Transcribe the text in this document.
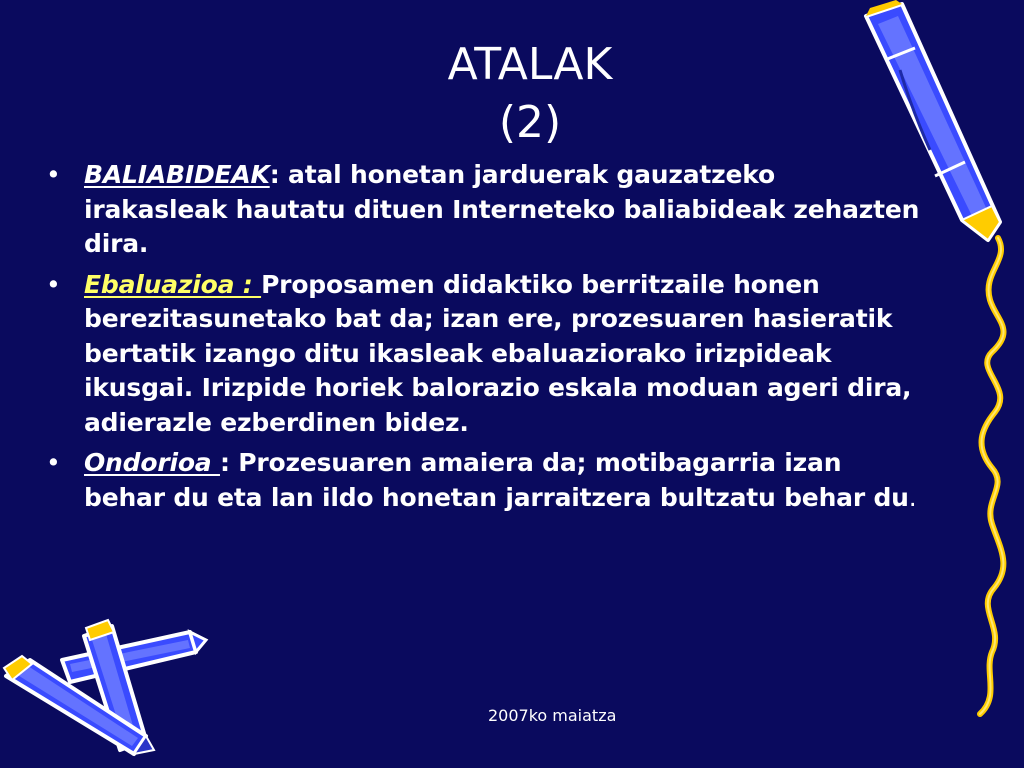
ATALAK
(2)
• BALIABIDEAK: atal honetan jarduerak gauzatzeko irakasleak hautatu dituen Interneteko baliabideak zehazten dira.
• Ebaluazioa : Proposamen didaktiko berritzaile honen berezitasunetako bat da; izan ere, prozesuaren hasieratik bertatik izango ditu ikasleak ebaluaziorako irizpideak ikusgai. Irizpide horiek balorazio eskala moduan ageri dira, adierazle ezberdinen bidez.
• Ondorioa : Prozesuaren amaiera da; motibagarria izan behar du eta lan ildo honetan jarraitzera bultzatu behar du.
2007ko maiatza
